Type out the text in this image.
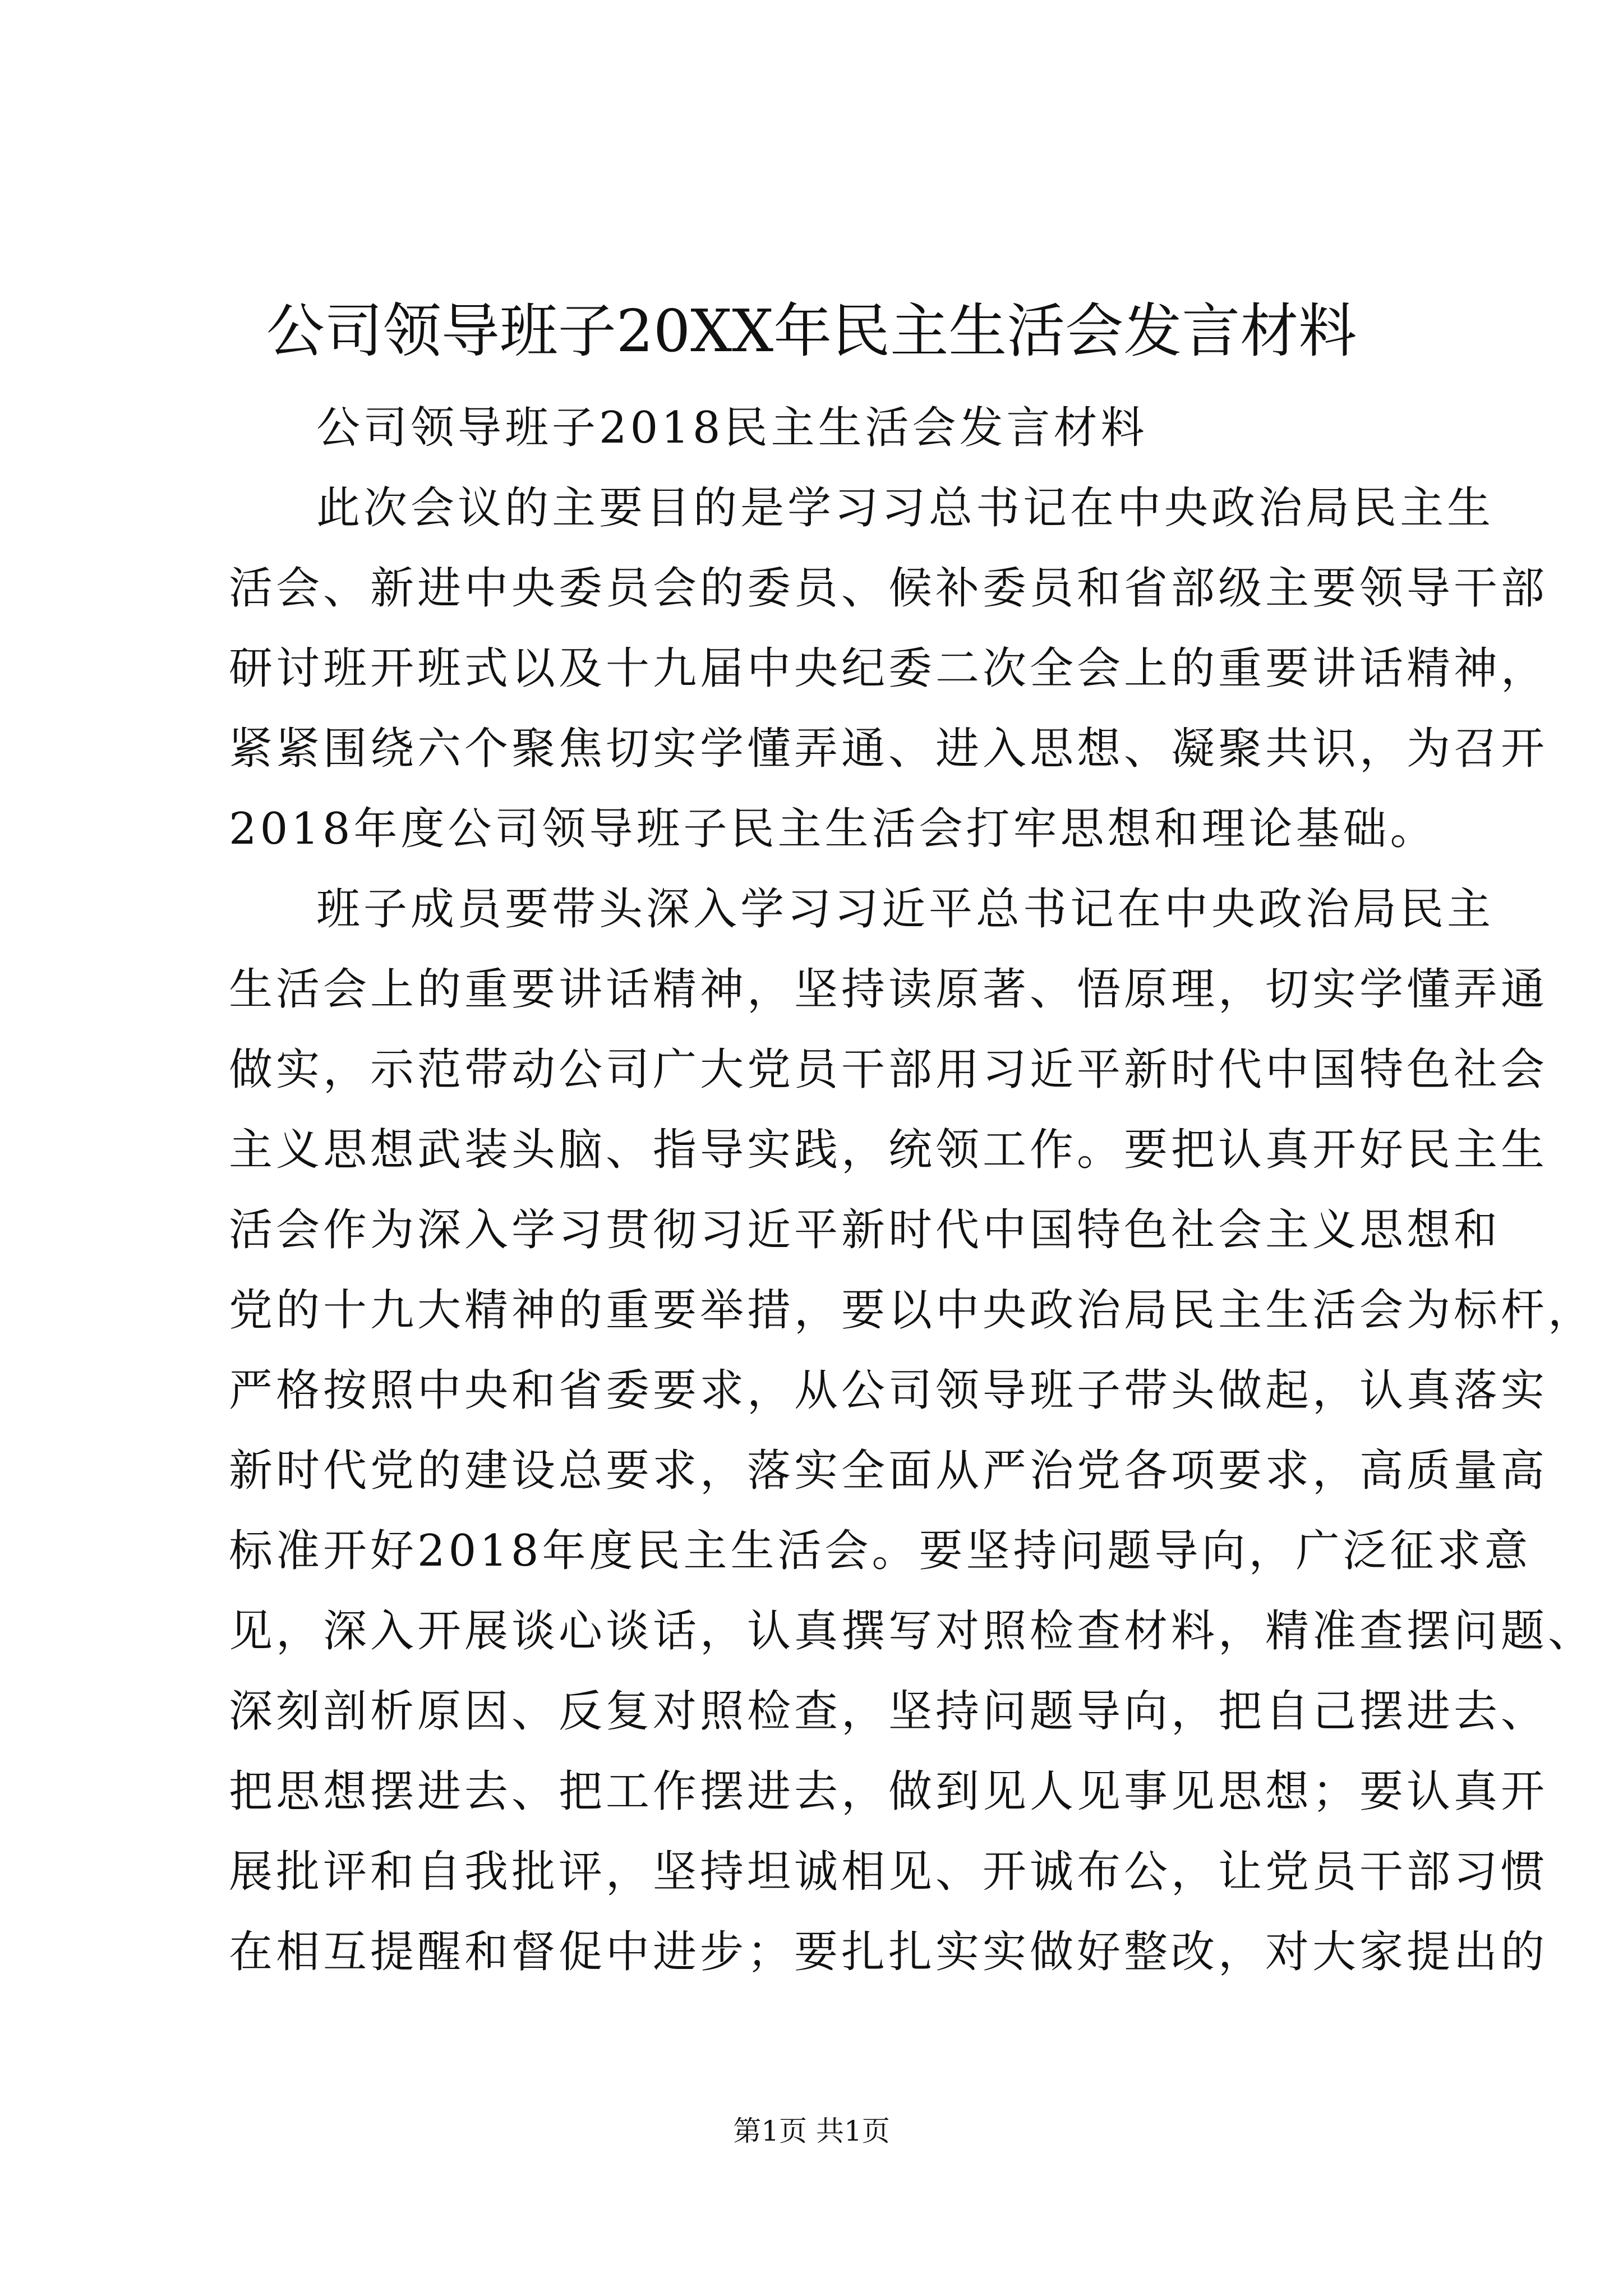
公司领导班子20XX年民主生活会发言材料
公司领导班子2018民主生活会发言材料
此次会议的主要目的是学习习总书记在中央政治局民主生
活会、新进中央委员会的委员、候补委员和省部级主要领导干部
研讨班开班式以及十九届中央纪委二次全会上的重要讲话精神，
紧紧围绕六个聚焦切实学懂弄通、进入思想、凝聚共识，为召开
2018年度公司领导班子民主生活会打牢思想和理论基础。
班子成员要带头深入学习习近平总书记在中央政治局民主
生活会上的重要讲话精神，坚持读原著、悟原理，切实学懂弄通
做实，示范带动公司广大党员干部用习近平新时代中国特色社会
主义思想武装头脑、指导实践，统领工作。要把认真开好民主生
活会作为深入学习贯彻习近平新时代中国特色社会主义思想和
党的十九大精神的重要举措，要以中央政治局民主生活会为标杆，
严格按照中央和省委要求，从公司领导班子带头做起，认真落实
新时代党的建设总要求，落实全面从严治党各项要求，高质量高
标准开好2018年度民主生活会。要坚持问题导向，广泛征求意
见，深入开展谈心谈话，认真撰写对照检查材料，精准查摆问题、
深刻剖析原因、反复对照检查，坚持问题导向，把自己摆进去、
把思想摆进去、把工作摆进去，做到见人见事见思想；要认真开
展批评和自我批评，坚持坦诚相见、开诚布公，让党员干部习惯
在相互提醒和督促中进步；要扎扎实实做好整改，对大家提出的
第1页 共1页
